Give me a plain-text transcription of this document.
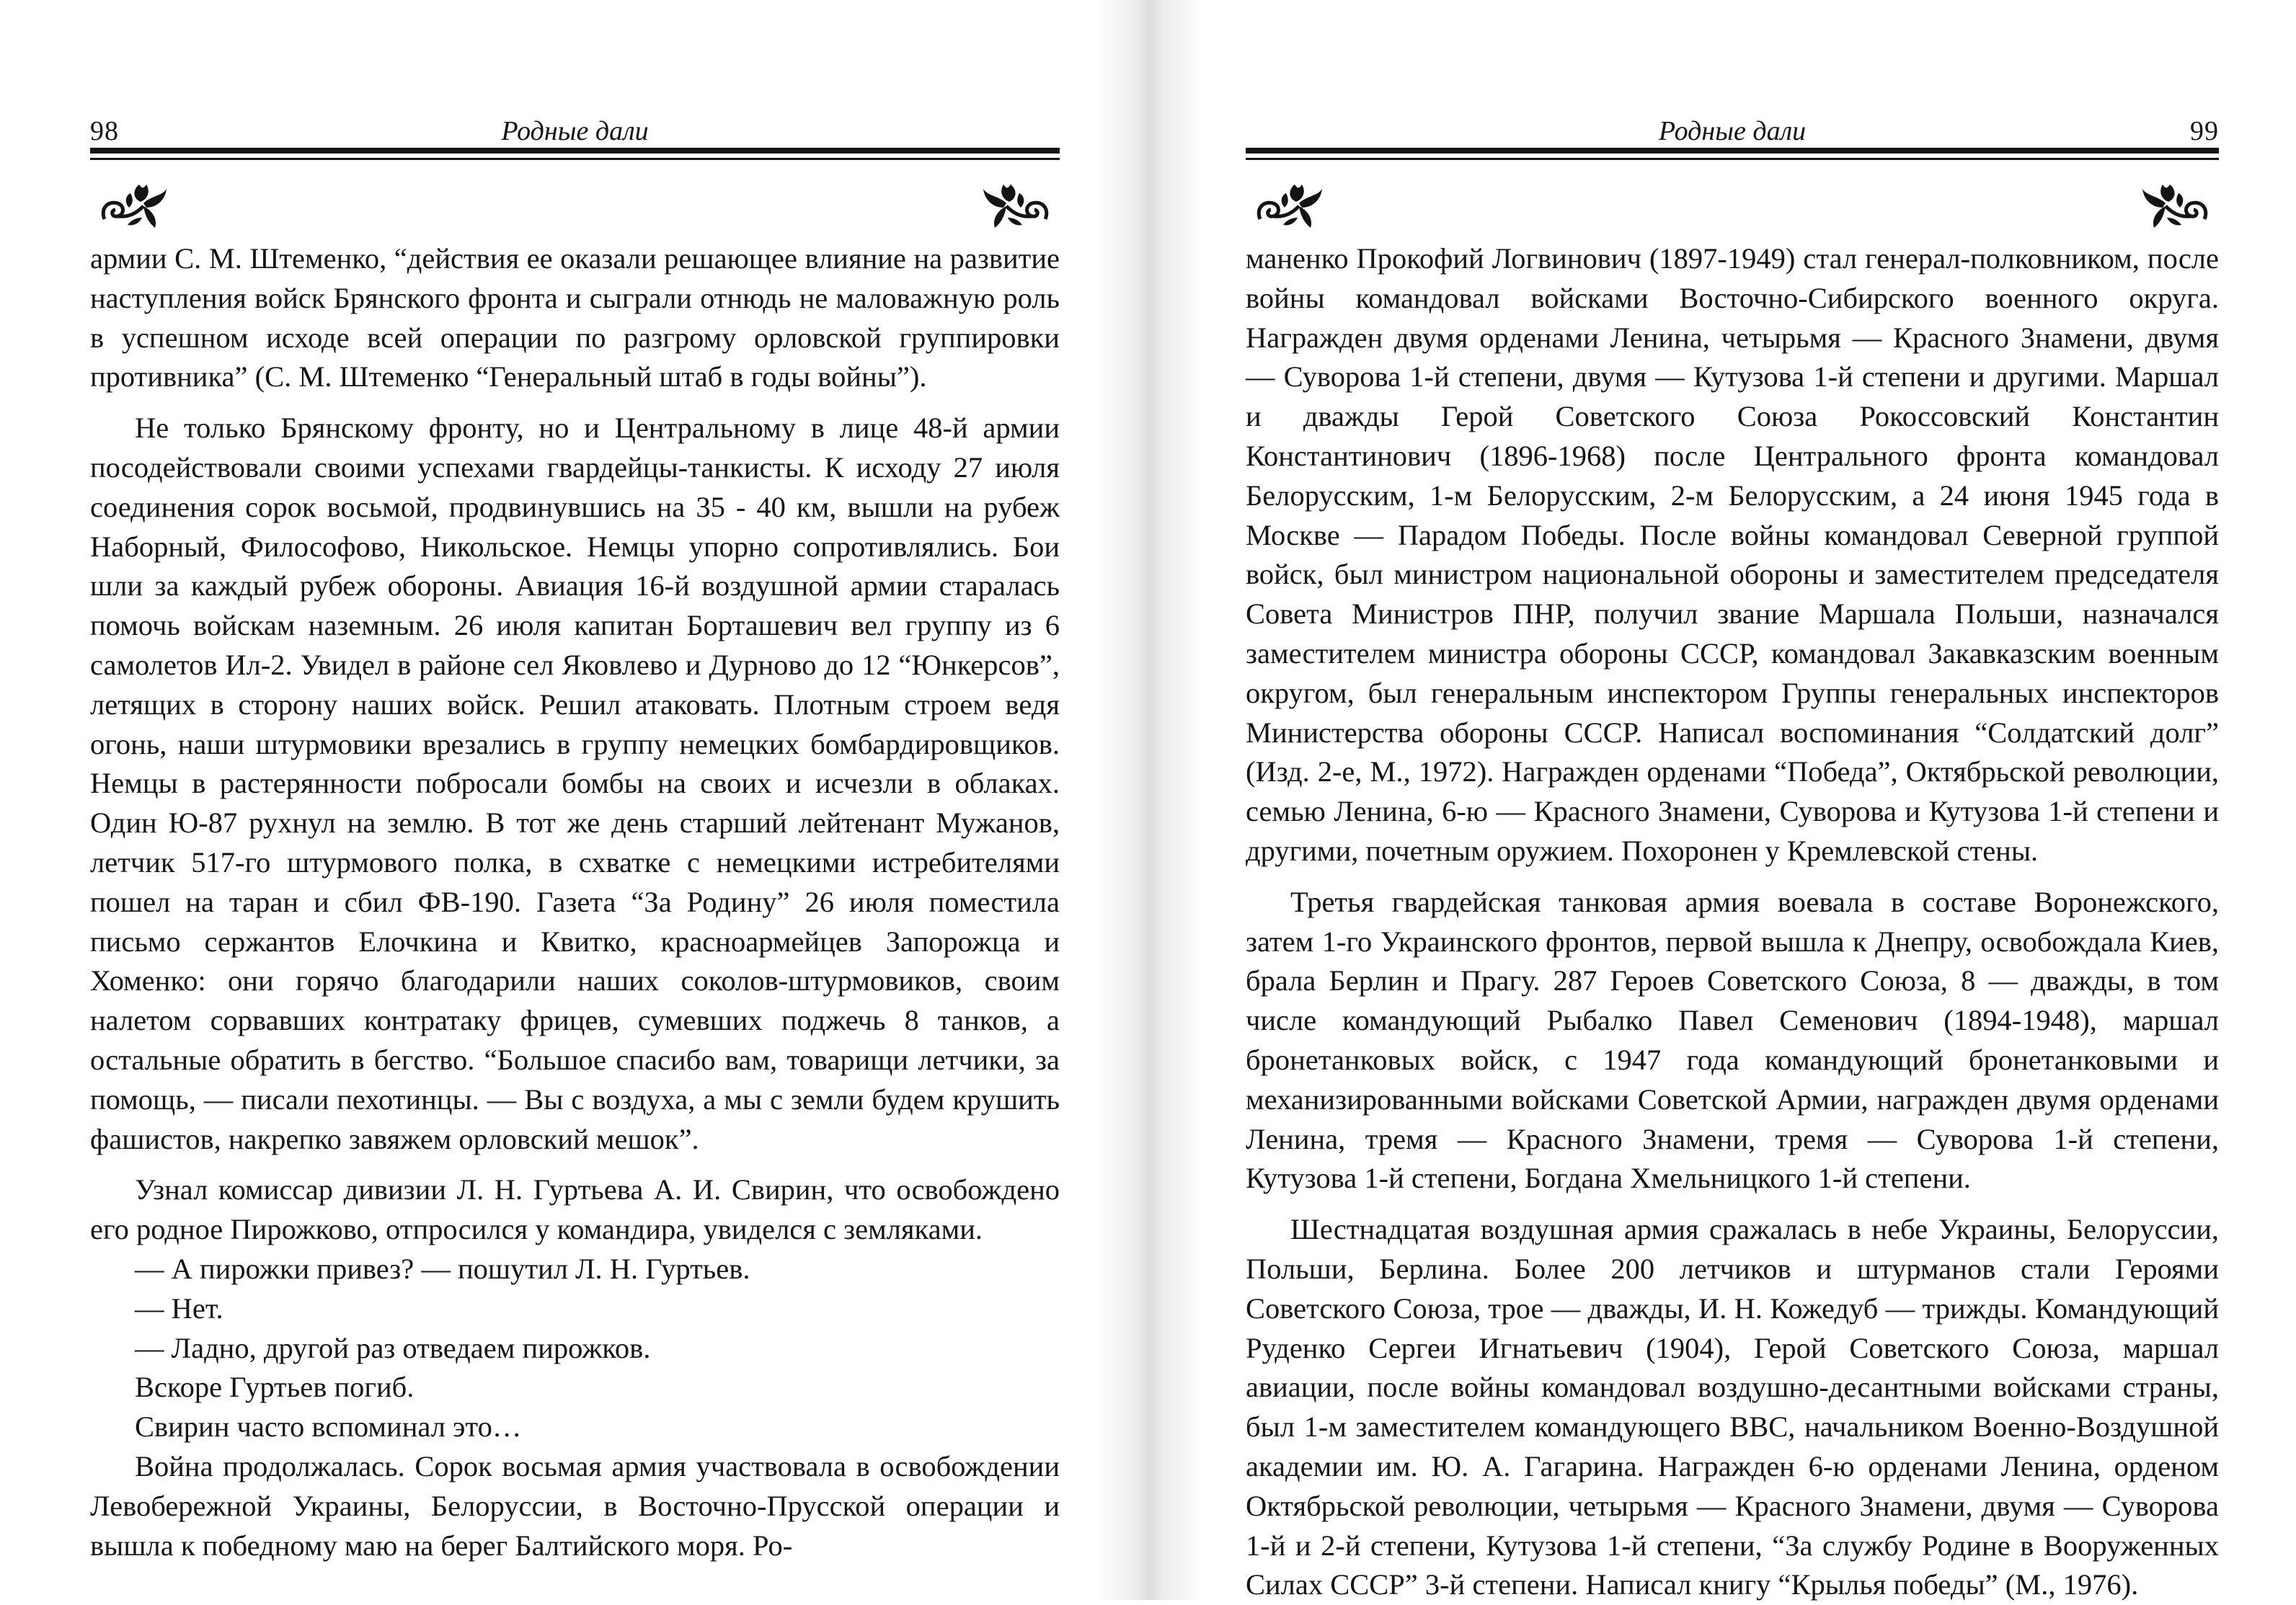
98	Родные дали

армии С. М. Штеменко, “действия ее оказали решающее влияние на развитие наступления войск Брянского фронта и сыграли отнюдь не маловажную роль в успешном исходе всей операции по разгрому орловской группировки противника” (С. М. Штеменко “Генеральный штаб в годы войны”).

Не только Брянскому фронту, но и Центральному в лице 48-й армии посодействовали своими успехами гвардейцы-танкисты. К исходу 27 июля соединения сорок восьмой, продвинувшись на 35 - 40 км, вышли на рубеж Наборный, Философово, Никольское. Немцы упорно сопротивлялись. Бои шли за каждый рубеж обороны. Авиация 16-й воздушной армии старалась помочь войскам наземным. 26 июля капитан Борташевич вел группу из 6 самолетов Ил-2. Увидел в районе сел Яковлево и Дурново до 12 “Юнкерсов”, летящих в сторону наших войск. Решил атаковать. Плотным строем ведя огонь, наши штурмовики врезались в группу немецких бомбардировщиков. Немцы в растерянности побросали бомбы на своих и исчезли в облаках. Один Ю-87 рухнул на землю. В тот же день старший лейтенант Мужанов, летчик 517-го штурмового полка, в схватке с немецкими истребителями пошел на таран и сбил ФВ-190. Газета “За Родину” 26 июля поместила письмо сержантов Елочкина и Квитко, красноармейцев Запорожца и Хоменко: они горячо благодарили наших соколов-штурмовиков, своим налетом сорвавших контратаку фрицев, сумевших поджечь 8 танков, а остальные обратить в бегство. “Большое спасибо вам, товарищи летчики, за помощь, — писали пехотинцы. — Вы с воздуха, а мы с земли будем крушить фашистов, накрепко завяжем орловский мешок”.

Узнал комиссар дивизии Л. Н. Гуртьева А. И. Свирин, что освобождено его родное Пирожково, отпросился у командира, увиделся с земляками.

— А пирожки привез? — пошутил Л. Н. Гуртьев.

— Нет.

— Ладно, другой раз отведаем пирожков.

Вскоре Гуртьев погиб.

Свирин часто вспоминал это…

Война продолжалась. Сорок восьмая армия участвовала в освобождении Левобережной Украины, Белоруссии, в Восточно-Прусской операции и вышла к победному маю на берег Балтийского моря. Ро-

99
Родные дали

маненко Прокофий Логвинович (1897-1949) стал генерал-полковником, после войны командовал войсками Восточно-Сибирского военного округа. Награжден двумя орденами Ленина, четырьмя — Красного Знамени, двумя — Суворова 1-й степени, двумя — Кутузова 1-й степени и другими. Маршал и дважды Герой Советского Союза Рокоссовский Константин Константинович (1896-1968) после Центрального фронта командовал Белорусским, 1-м Белорусским, 2-м Белорусским, а 24 июня 1945 года в Москве — Парадом Победы. После войны командовал Северной группой войск, был министром национальной обороны и заместителем председателя Совета Министров ПНР, получил звание Маршала Польши, назначался заместителем министра обороны СССР, командовал Закавказским военным округом, был генеральным инспектором Группы генеральных инспекторов Министерства обороны СССР. Написал воспоминания “Солдатский долг” (Изд. 2-е, М., 1972). Награжден орденами “Победа”, Октябрьской революции, семью Ленина, 6-ю — Красного Знамени, Суворова и Кутузова 1-й степени и другими, почетным оружием. Похоронен у Кремлевской стены.

Третья гвардейская танковая армия воевала в составе Воронежского, затем 1-го Украинского фронтов, первой вышла к Днепру, освобождала Киев, брала Берлин и Прагу. 287 Героев Советского Союза, 8 — дважды, в том числе командующий Рыбалко Павел Семенович (1894-1948), маршал бронетанковых войск, с 1947 года командующий бронетанковыми и механизированными войсками Советской Армии, награжден двумя орденами Ленина, тремя — Красного Знамени, тремя — Суворова 1-й степени, Кутузова 1-й степени, Богдана Хмельницкого 1-й степени.

Шестнадцатая воздушная армия сражалась в небе Украины, Белоруссии, Польши, Берлина. Более 200 летчиков и штурманов стали Героями Советского Союза, трое — дважды, И. Н. Кожедуб — трижды. Командующий Руденко Сергеи Игнатьевич (1904), Герой Советского Союза, маршал авиации, после войны командовал воздушно-десантными войсками страны, был 1-м заместителем командующего ВВС, начальником Военно-Воздушной академии им. Ю. А. Гагарина. Награжден 6-ю орденами Ленина, орденом Октябрьской революции, четырьмя — Красного Знамени, двумя — Суворова 1-й и 2-й степени, Кутузова 1-й степени, “За службу Родине в Вооруженных Силах СССР” 3-й степени. Написал книгу “Крылья победы” (М., 1976).
